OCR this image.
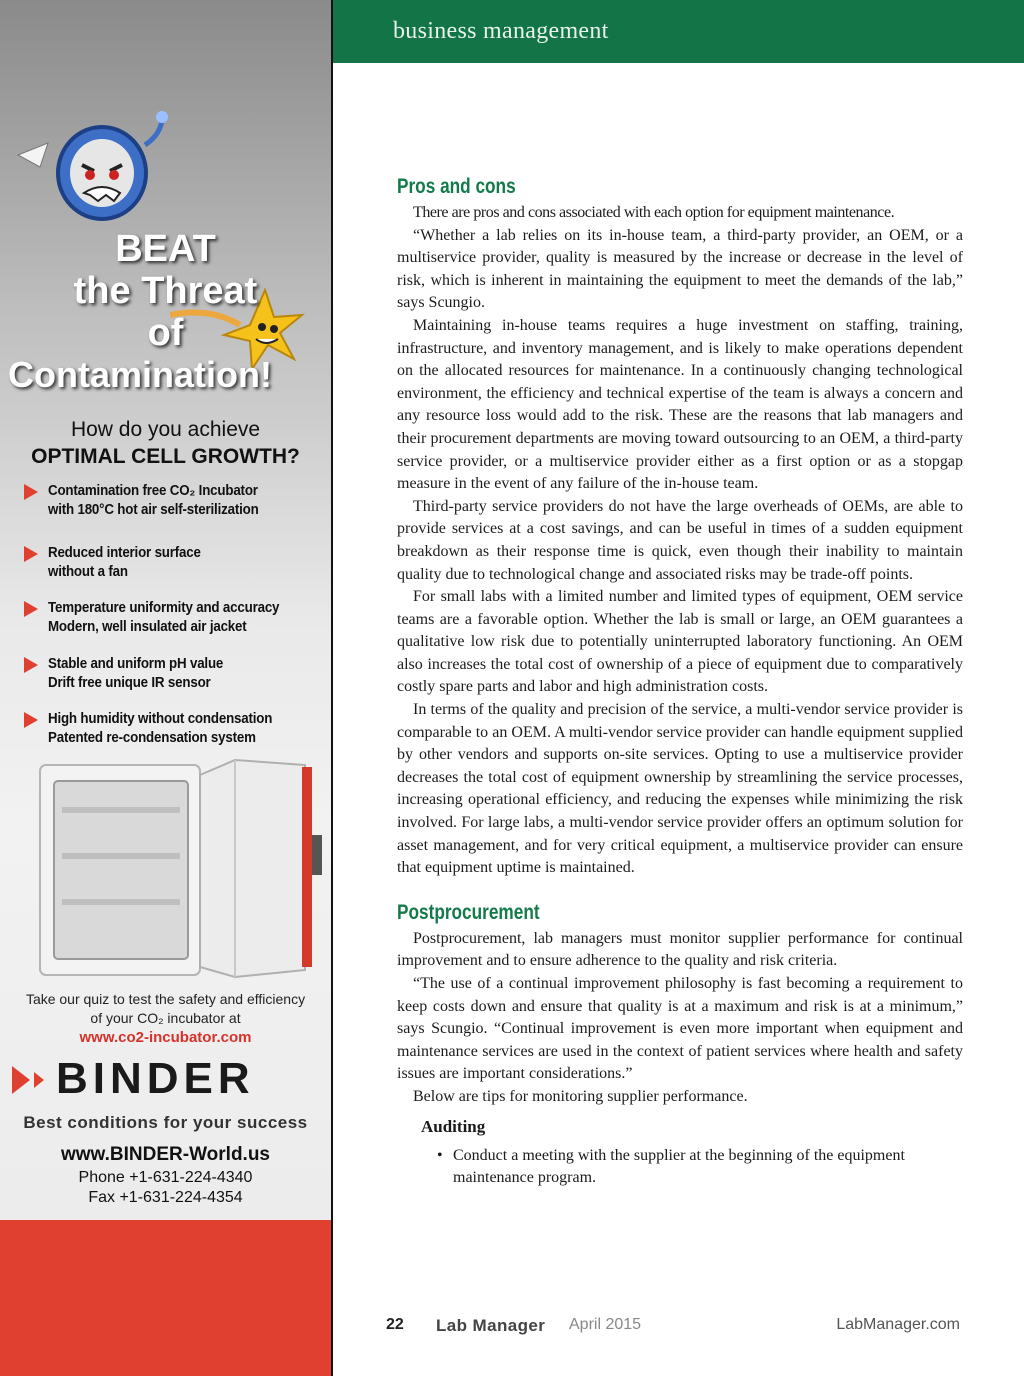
BEAT
the Threat
of
Contamination!
How do you achieve
OPTIMAL CELL GROWTH?
Contamination free CO₂ Incubator
with 180°C hot air self-sterilization
Reduced interior surface
without a fan
Temperature uniformity and accuracy
Modern, well insulated air jacket
Stable and uniform pH value
Drift free unique IR sensor
High humidity without condensation
Patented re-condensation system
Take our quiz to test the safety and efficiency
of your CO₂ incubator at
www.co2-incubator.com
BINDER
Best conditions for your success
www.BINDER-World.us
Phone +1-631-224-4340
Fax +1-631-224-4354
business management
Pros and cons

There are pros and cons associated with each option for equipment maintenance.

“Whether a lab relies on its in-house team, a third-party provider, an OEM, or a multiservice provider, quality is measured by the increase or decrease in the level of risk, which is inherent in maintaining the equipment to meet the demands of the lab,” says Scungio.

Maintaining in-house teams requires a huge investment on staffing, training, infrastructure, and inventory management, and is likely to make operations dependent on the allocated resources for maintenance. In a continuously changing technological environment, the efficiency and technical expertise of the team is always a concern and any resource loss would add to the risk. These are the reasons that lab managers and their procurement departments are moving toward outsourcing to an OEM, a third-party service provider, or a multiservice provider either as a first option or as a stopgap measure in the event of any failure of the in-house team.

Third-party service providers do not have the large overheads of OEMs, are able to provide services at a cost savings, and can be useful in times of a sudden equipment breakdown as their response time is quick, even though their inability to maintain quality due to technological change and associated risks may be trade-off points.

For small labs with a limited number and limited types of equipment, OEM service teams are a favorable option. Whether the lab is small or large, an OEM guarantees a qualitative low risk due to potentially uninterrupted laboratory functioning. An OEM also increases the total cost of ownership of a piece of equipment due to comparatively costly spare parts and labor and high administration costs.

In terms of the quality and precision of the service, a multi-vendor service provider is comparable to an OEM. A multi-vendor service provider can handle equipment supplied by other vendors and supports on-site services. Opting to use a multiservice provider decreases the total cost of equipment ownership by streamlining the service processes, increasing operational efficiency, and reducing the expenses while minimizing the risk involved. For large labs, a multi-vendor service provider offers an optimum solution for asset management, and for very critical equipment, a multiservice provider can ensure that equipment uptime is maintained.

Postprocurement

Postprocurement, lab managers must monitor supplier performance for continual improvement and to ensure adherence to the quality and risk criteria.

“The use of a continual improvement philosophy is fast becoming a requirement to keep costs down and ensure that quality is at a maximum and risk is at a minimum,” says Scungio. “Continual improvement is even more important when equipment and maintenance services are used in the context of patient services where health and safety issues are important considerations.”

Below are tips for monitoring supplier performance.

Auditing
• Conduct a meeting with the supplier at the beginning of the equipment maintenance program.
22 Lab Manager April 2015	LabManager.com
